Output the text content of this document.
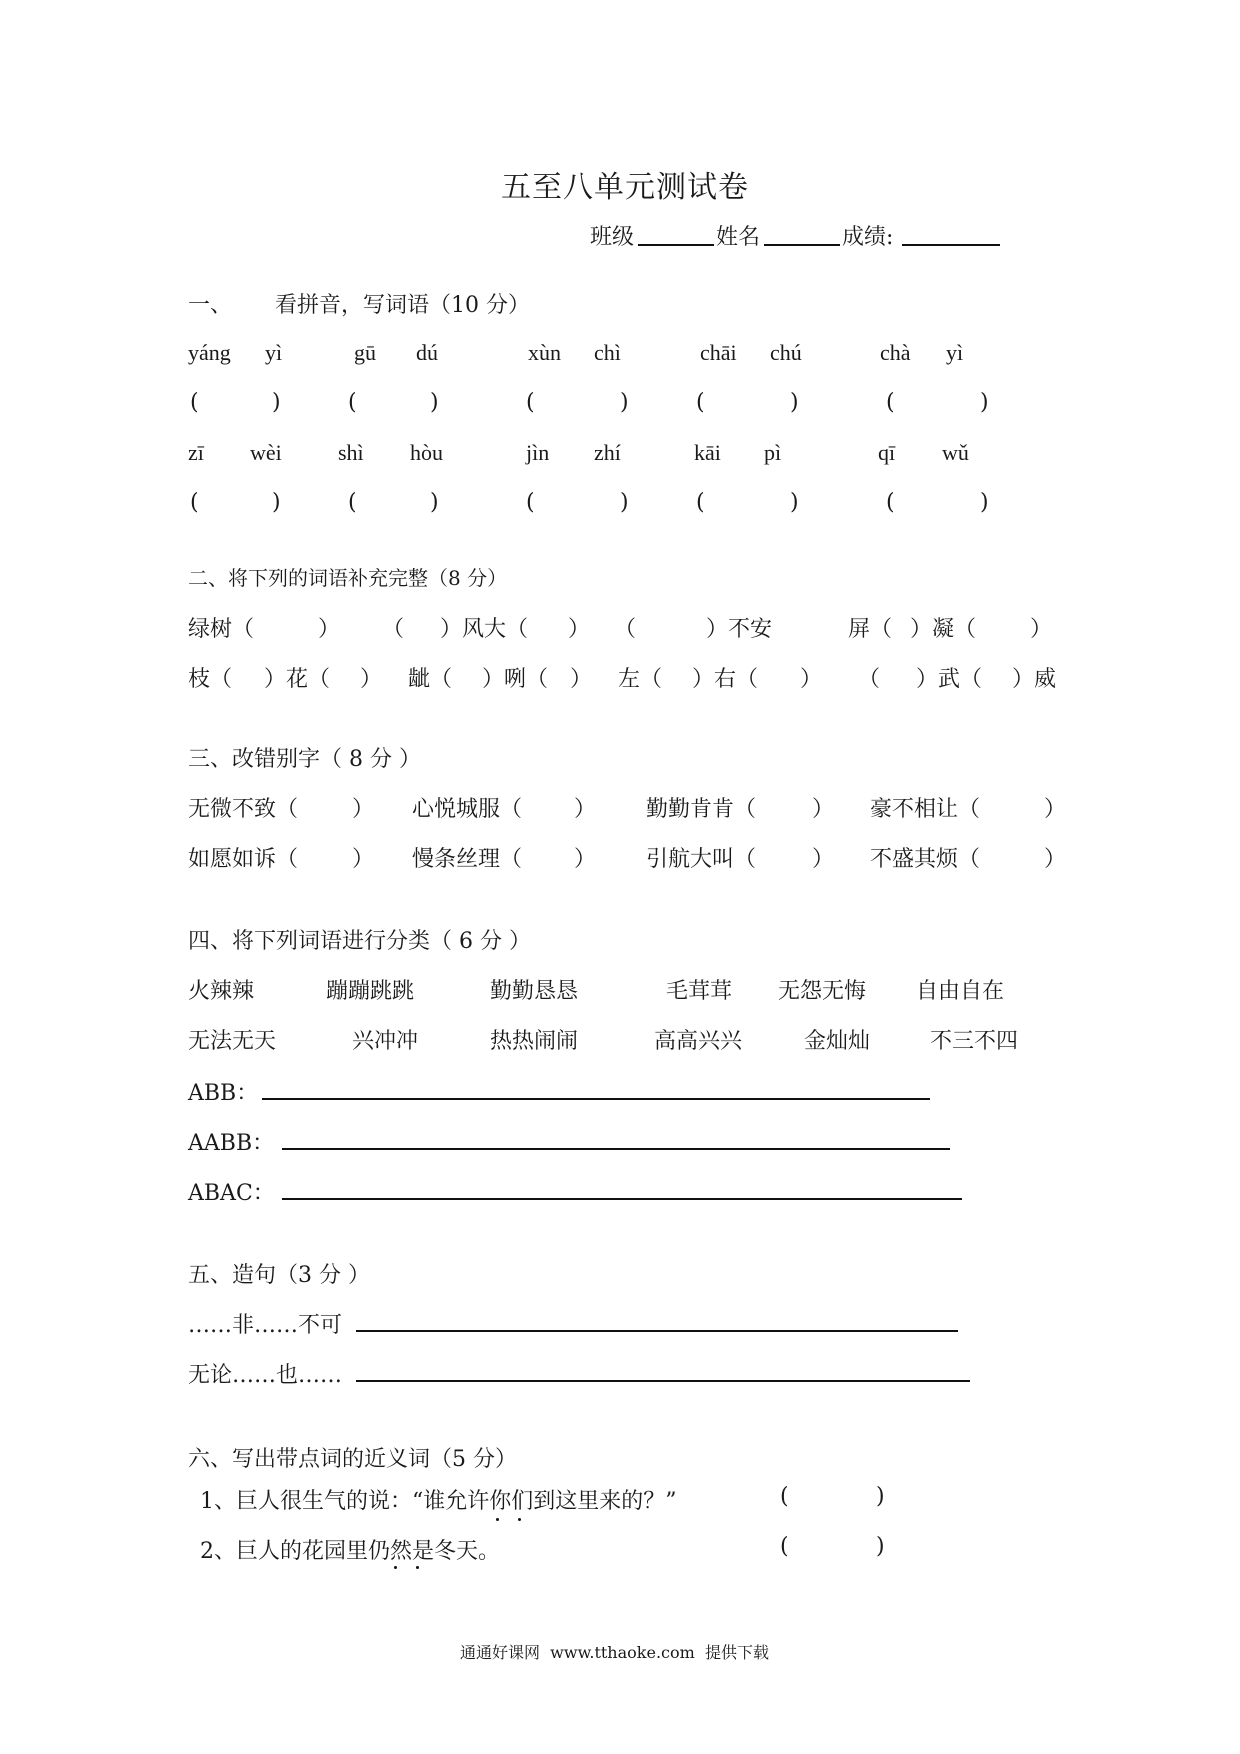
五至八单元测试卷
班级	姓名	成绩:
一、 看拼音，写词语（10 分）
yáng yì	gū dú	xùn chì	chāi chú	chà yì
(	)	(	)	(	)	(	)	(	)
zī wèi	shì hòu	jìn zhí	kāi pì	qī wǔ
(	)	(	)	(	)	(	)	(	)
二、将下列的词语补充完整（8 分）
绿树（	） （ ）风大（ ） （	）不安	屏（ ）凝（ ）
枝（ ）花（ ） 龇（ ）咧（ ） 左（ ）右（ ） （ ）武（ ）威
三、改错别字（ 8 分 ）
无微不致（ ） 心悦城服（ ） 勤勤肯肯（	） 豪不相让（	）
如愿如诉（ ） 慢条丝理（ ） 引航大叫（	） 不盛其烦（	）
四、将下列词语进行分类（ 6 分 ）
火辣辣	蹦蹦跳跳	勤勤恳恳	毛茸茸 无怨无悔 自由自在
无法无天	兴冲冲	热热闹闹	高高兴兴	金灿灿	不三不四
ABB：
AABB：
ABAC：
五、造句（3 分 ）
……非……不可
无论……也……
六、写出带点词的近义词（5 分）
1、巨人很生气的说：“谁允许你们到这里来的？”	(	)
2、巨人的花园里仍然是冬天。	(	)
通通好课网  www.tthaoke.com  提供下载
